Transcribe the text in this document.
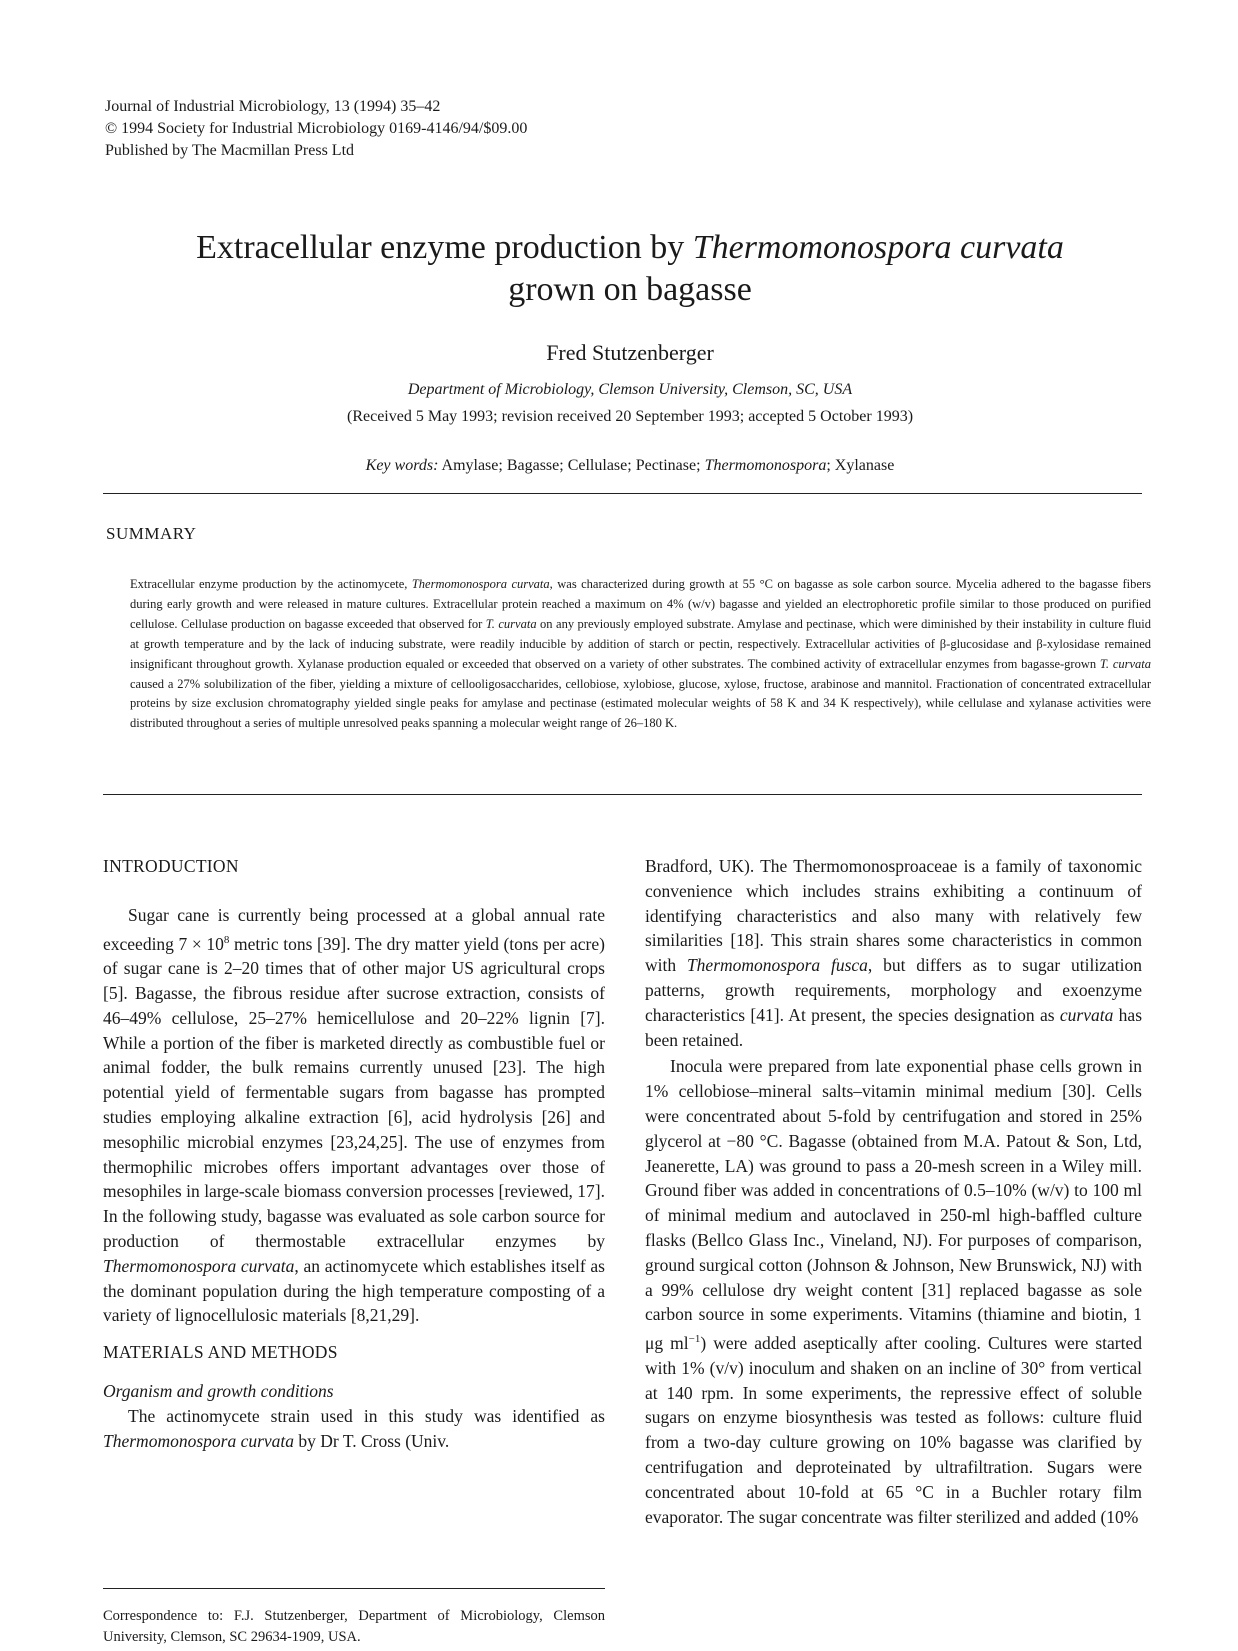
Journal of Industrial Microbiology, 13 (1994) 35–42
© 1994 Society for Industrial Microbiology 0169-4146/94/$09.00
Published by The Macmillan Press Ltd
Extracellular enzyme production by Thermomonospora curvata
grown on bagasse
Fred Stutzenberger
Department of Microbiology, Clemson University, Clemson, SC, USA
(Received 5 May 1993; revision received 20 September 1993; accepted 5 October 1993)
Key words: Amylase; Bagasse; Cellulase; Pectinase; Thermomonospora; Xylanase
SUMMARY
Extracellular enzyme production by the actinomycete, Thermomonospora curvata, was characterized during growth at 55 °C on bagasse as sole carbon source. Mycelia adhered to the bagasse fibers during early growth and were released in mature cultures. Extracellular protein reached a maximum on 4% (w/v) bagasse and yielded an electrophoretic profile similar to those produced on purified cellulose. Cellulase production on bagasse exceeded that observed for T. curvata on any previously employed substrate. Amylase and pectinase, which were diminished by their instability in culture fluid at growth temperature and by the lack of inducing substrate, were readily inducible by addition of starch or pectin, respectively. Extracellular activities of β-glucosidase and β-xylosidase remained insignificant throughout growth. Xylanase production equaled or exceeded that observed on a variety of other substrates. The combined activity of extracellular enzymes from bagasse-grown T. curvata caused a 27% solubilization of the fiber, yielding a mixture of cellooligosaccharides, cellobiose, xylobiose, glucose, xylose, fructose, arabinose and mannitol. Fractionation of concentrated extracellular proteins by size exclusion chromatography yielded single peaks for amylase and pectinase (estimated molecular weights of 58 K and 34 K respectively), while cellulase and xylanase activities were distributed throughout a series of multiple unresolved peaks spanning a molecular weight range of 26–180 K.
INTRODUCTION

Sugar cane is currently being processed at a global annual rate exceeding $7 \times 10^8$ metric tons [39]. The dry matter yield (tons per acre) of sugar cane is 2–20 times that of other major US agricultural crops [5]. Bagasse, the fibrous residue after sucrose extraction, consists of 46–49% cellulose, 25–27% hemicellulose and 20–22% lignin [7]. While a portion of the fiber is marketed directly as combustible fuel or animal fodder, the bulk remains currently unused [23]. The high potential yield of fermentable sugars from bagasse has prompted studies employing alkaline extraction [6], acid hydrolysis [26] and mesophilic microbial enzymes [23,24,25]. The use of enzymes from thermophilic microbes offers important advantages over those of mesophiles in large-scale biomass conversion processes [reviewed, 17]. In the following study, bagasse was evaluated as sole carbon source for production of thermostable extracellular enzymes by Thermomonospora curvata, an actinomycete which establishes itself as the dominant population during the high temperature composting of a variety of lignocellulosic materials [8,21,29].

MATERIALS AND METHODS
Organism and growth conditions

The actinomycete strain used in this study was identified as Thermomonospora curvata by Dr T. Cross (Univ.

Bradford, UK). The Thermomonosproaceae is a family of taxonomic convenience which includes strains exhibiting a continuum of identifying characteristics and also many with relatively few similarities [18]. This strain shares some characteristics in common with Thermomonospora fusca, but differs as to sugar utilization patterns, growth requirements, morphology and exoenzyme characteristics [41]. At present, the species designation as curvata has been retained.

Inocula were prepared from late exponential phase cells grown in 1% cellobiose–mineral salts–vitamin minimal medium [30]. Cells were concentrated about 5-fold by centrifugation and stored in 25% glycerol at −80 °C. Bagasse (obtained from M.A. Patout & Son, Ltd, Jeanerette, LA) was ground to pass a 20-mesh screen in a Wiley mill. Ground fiber was added in concentrations of 0.5–10% (w/v) to 100 ml of minimal medium and autoclaved in 250-ml high-baffled culture flasks (Bellco Glass Inc., Vineland, NJ). For purposes of comparison, ground surgical cotton (Johnson & Johnson, New Brunswick, NJ) with a 99% cellulose dry weight content [31] replaced bagasse as sole carbon source in some experiments. Vitamins (thiamine and biotin, 1 μg $ml^{-1}$) were added aseptically after cooling. Cultures were started with 1% (v/v) inoculum and shaken on an incline of 30° from vertical at 140 rpm. In some experiments, the repressive effect of soluble sugars on enzyme biosynthesis was tested as follows: culture fluid from a two-day culture growing on 10% bagasse was clarified by centrifugation and deproteinated by ultrafiltration. Sugars were concentrated about 10-fold at 65 °C in a Buchler rotary film evaporator. The sugar concentrate was filter sterilized and added (10%

Correspondence to: F.J. Stutzenberger, Department of Microbiology, Clemson University, Clemson, SC 29634-1909, USA.
